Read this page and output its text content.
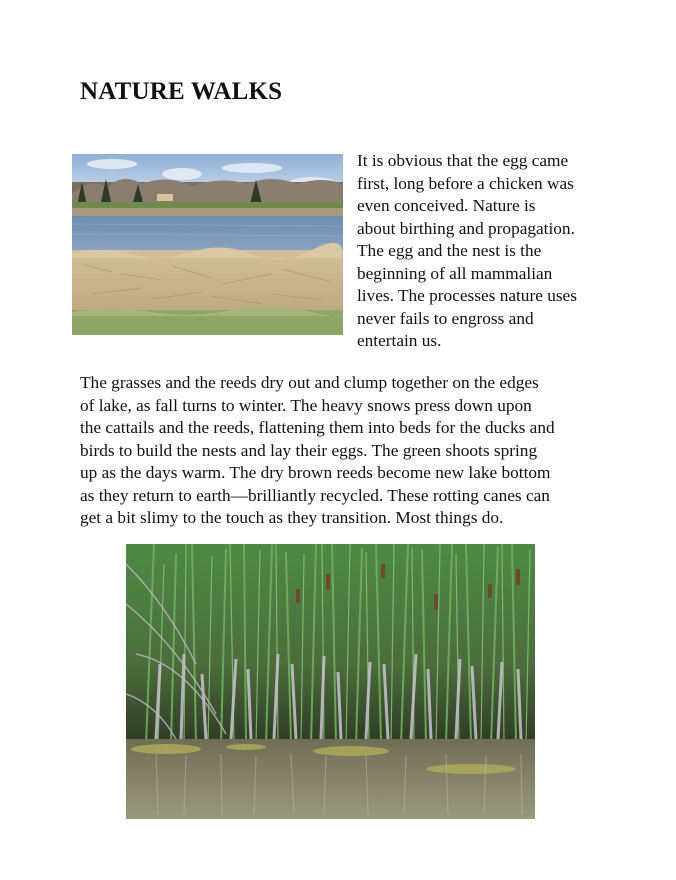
NATURE WALKS

It is obvious that the egg came
first, long before a chicken was
even conceived. Nature is
about birthing and propagation.
The egg and the nest is the
beginning of all mammalian
lives. The processes nature uses
never fails to engross and
entertain us.

The grasses and the reeds dry out and clump together on the edges
of lake, as fall turns to winter. The heavy snows press down upon
the cattails and the reeds, flattening them into beds for the ducks and
birds to build the nests and lay their eggs. The green shoots spring
up as the days warm. The dry brown reeds become new lake bottom
as they return to earth—brilliantly recycled. These rotting canes can
get a bit slimy to the touch as they transition. Most things do.
